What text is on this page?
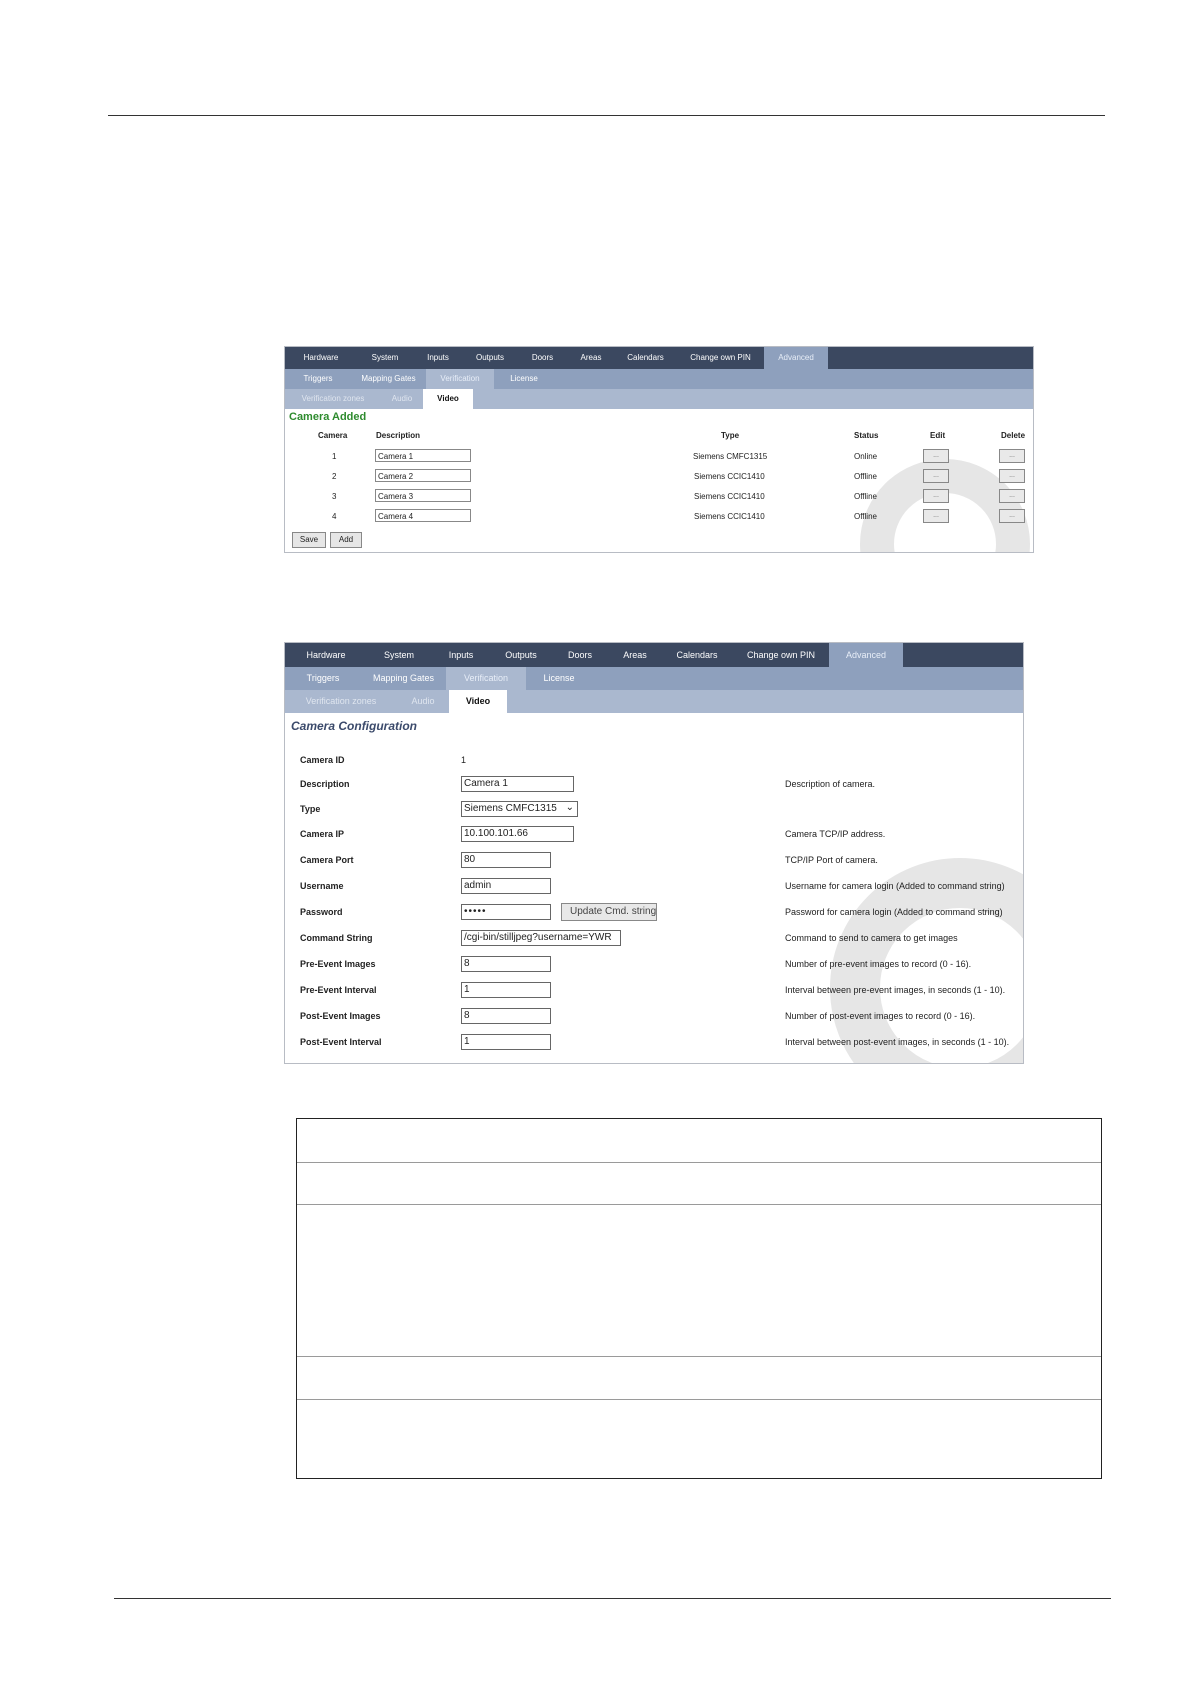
Hardware	System	Inputs	Outputs	Doors	Areas	Calendars	Change own PIN	Advanced
Triggers	Mapping Gates	Verification	License
Verification zones	Audio	Video
Camera Added
Camera	Description	Type	Status	Edit	Delete
1	Camera 1	Siemens CMFC1315	Online	...	...
2	Camera 2	Siemens CCIC1410	Offline	...	...
3	Camera 3	Siemens CCIC1410	Offline	...	...
4	Camera 4	Siemens CCIC1410	Offline	...	...
Save	Add
Hardware	System	Inputs	Outputs	Doors	Areas	Calendars	Change own PIN	Advanced
Triggers	Mapping Gates	Verification	License
Verification zones	Audio	Video
Camera Configuration
Camera ID	1
Description	Camera 1	Description of camera.
Type	Siemens CMFC1315 ⌄
Camera IP	10.100.101.66	Camera TCP/IP address.
Camera Port	80	TCP/IP Port of camera.
Username	admin	Username for camera login (Added to command string)
Password	•••••	Update Cmd. string	Password for camera login (Added to command string)
Command String	/cgi-bin/stilljpeg?username=YWR	Command to send to camera to get images
Pre-Event Images	8	Number of pre-event images to record (0 - 16).
Pre-Event Interval	1	Interval between pre-event images, in seconds (1 - 10).
Post-Event Images	8	Number of post-event images to record (0 - 16).
Post-Event Interval	1	Interval between post-event images, in seconds (1 - 10).
